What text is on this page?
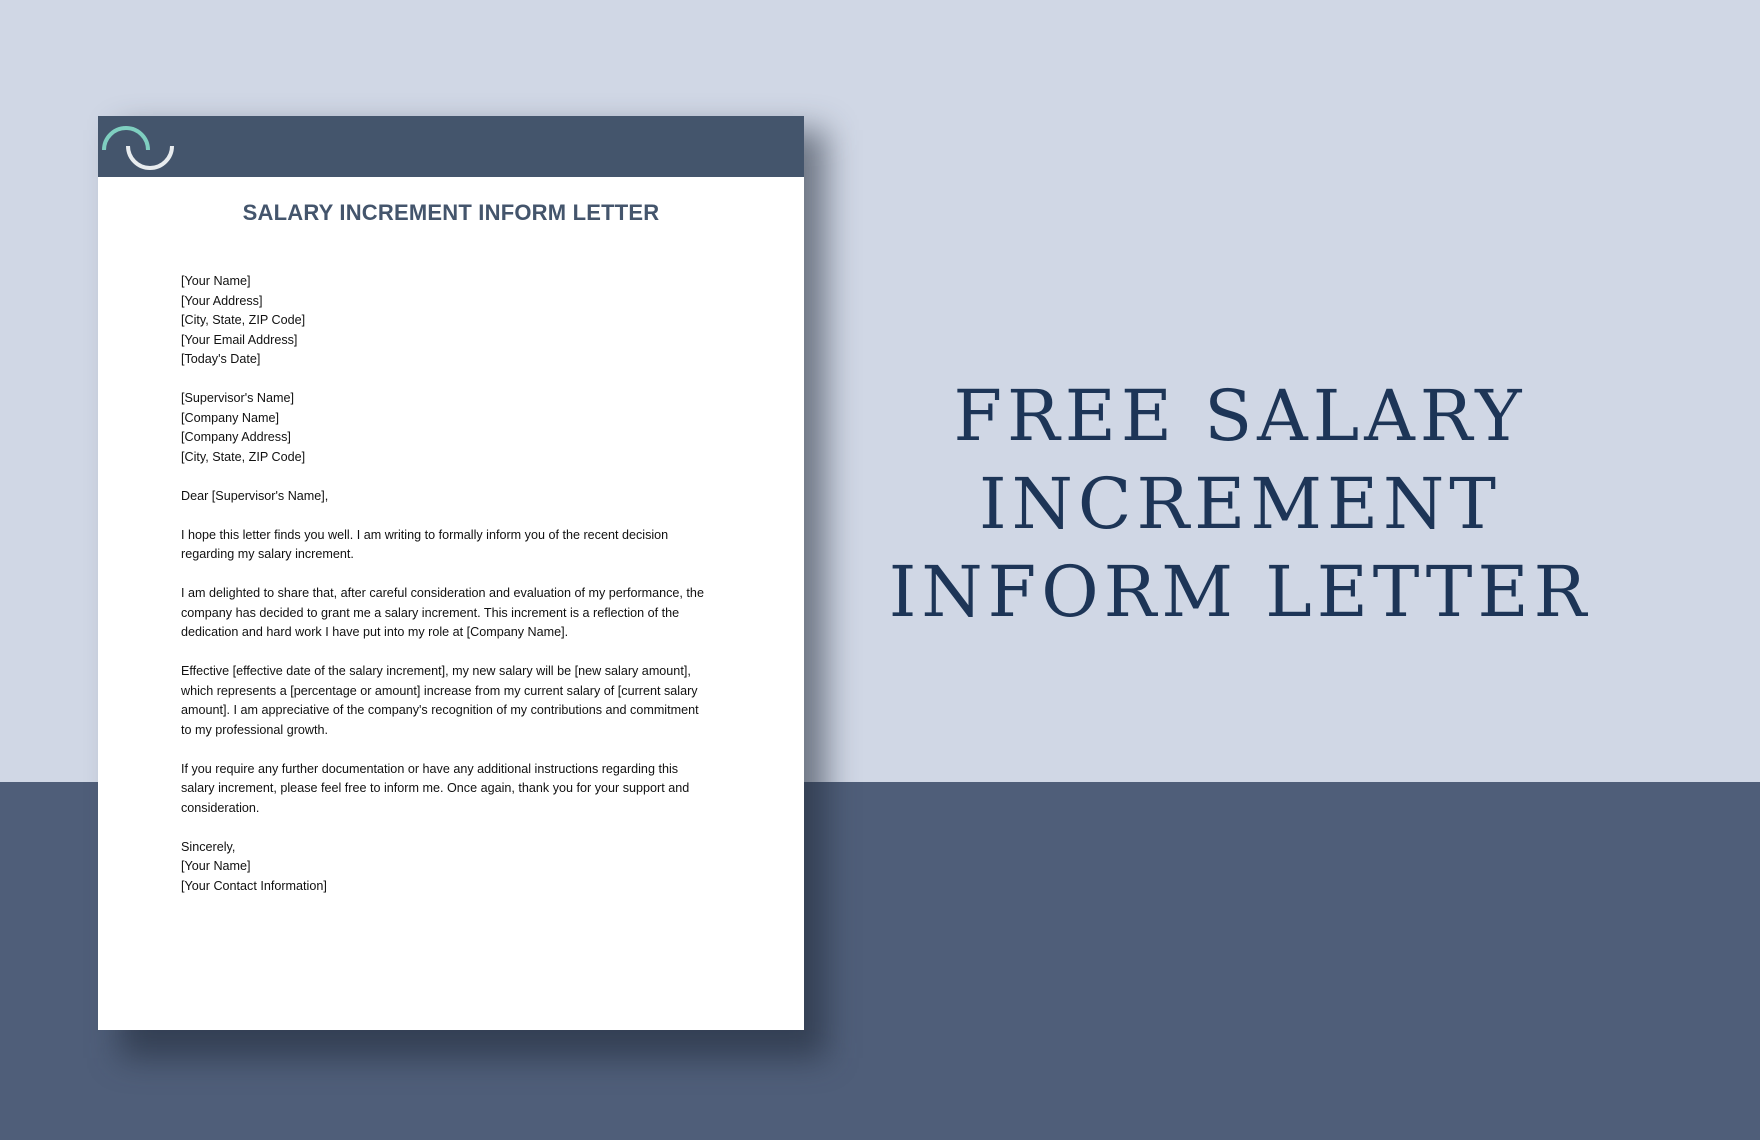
SALARY INCREMENT INFORM LETTER
[Your Name]
[Your Address]
[City, State, ZIP Code]
[Your Email Address]
[Today's Date]
[Supervisor's Name]
[Company Name]
[Company Address]
[City, State, ZIP Code]
Dear [Supervisor's Name],
I hope this letter finds you well. I am writing to formally inform you of the recent decision
regarding my salary increment.
I am delighted to share that, after careful consideration and evaluation of my performance, the
company has decided to grant me a salary increment. This increment is a reflection of the
dedication and hard work I have put into my role at [Company Name].
Effective [effective date of the salary increment], my new salary will be [new salary amount],
which represents a [percentage or amount] increase from my current salary of [current salary
amount]. I am appreciative of the company's recognition of my contributions and commitment
to my professional growth.
If you require any further documentation or have any additional instructions regarding this
salary increment, please feel free to inform me. Once again, thank you for your support and
consideration.
Sincerely,
[Your Name]
[Your Contact Information]
FREE SALARY
INCREMENT
INFORM LETTER
